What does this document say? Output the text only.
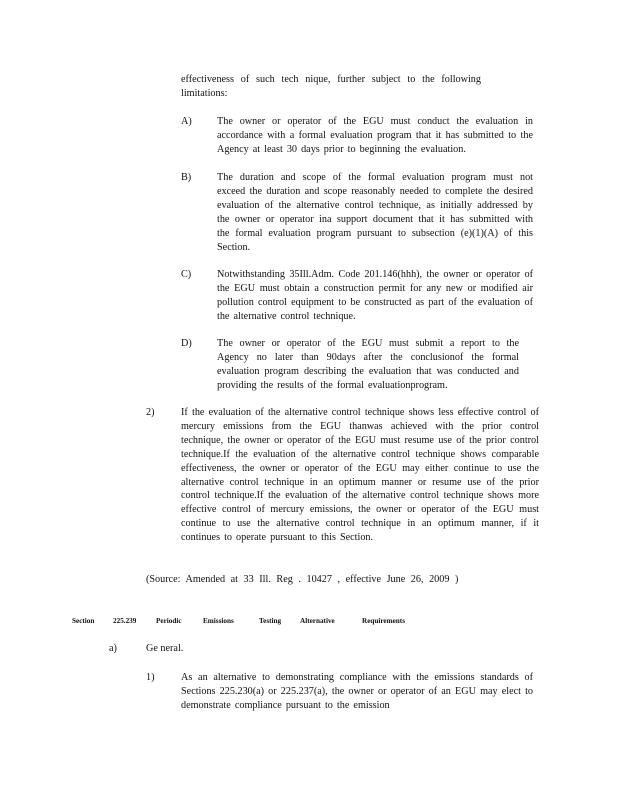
effectiveness of such tech nique, further subject to the following limitations:
A) The owner or operator of the EGU must conduct the evaluation in accordance with a formal evaluation program that it has submitted to the Agency at least 30 days prior to beginning the evaluation.
B)	The duration and scope of the formal evaluation program must not exceed the duration and scope reasonably needed to complete the desired evaluation of the alternative control technique, as initially addressed by the owner or operator ina support document that it has submitted with the formal evaluation program pursuant to subsection (e)(1)(A) of this Section.
C)	Notwithstanding 35Ill.Adm. Code 201.146(hhh), the owner or operator of the EGU must obtain a construction permit for any new or modified air pollution control equipment to be constructed as part of the evaluation of the alternative control technique.
D) The owner or operator of the EGU must submit a report to the Agency no later than 90days after the conclusionof the formal evaluation program describing the evaluation that was conducted and providing the results of the formal evaluationprogram.
2)	If the evaluation of the alternative control technique shows less effective control of mercury emissions from the EGU thanwas achieved with the prior control technique, the owner or operator of the EGU must resume use of the prior control technique.If the evaluation of the alternative control technique shows comparable effectiveness, the owner or operator of the EGU may either continue to use the alternative control technique in an optimum manner or resume use of the prior control technique.If the evaluation of the alternative control technique shows more effective control of mercury emissions, the owner or operator of the EGU must continue to use the alternative control technique in an optimum manner, if it continues to operate pursuant to this Section.
(Source: Amended at 33 Ill. Reg . 10427 , effective June 26, 2009 )
Section	225.239	Periodic	Emissions	Testing	Alternative	Requirements
a)	Ge neral.
1)	As an alternative to demonstrating compliance with the emissions standards of Sections 225.230(a) or 225.237(a), the owner or operator of an EGU may elect to demonstrate compliance pursuant to the emission
